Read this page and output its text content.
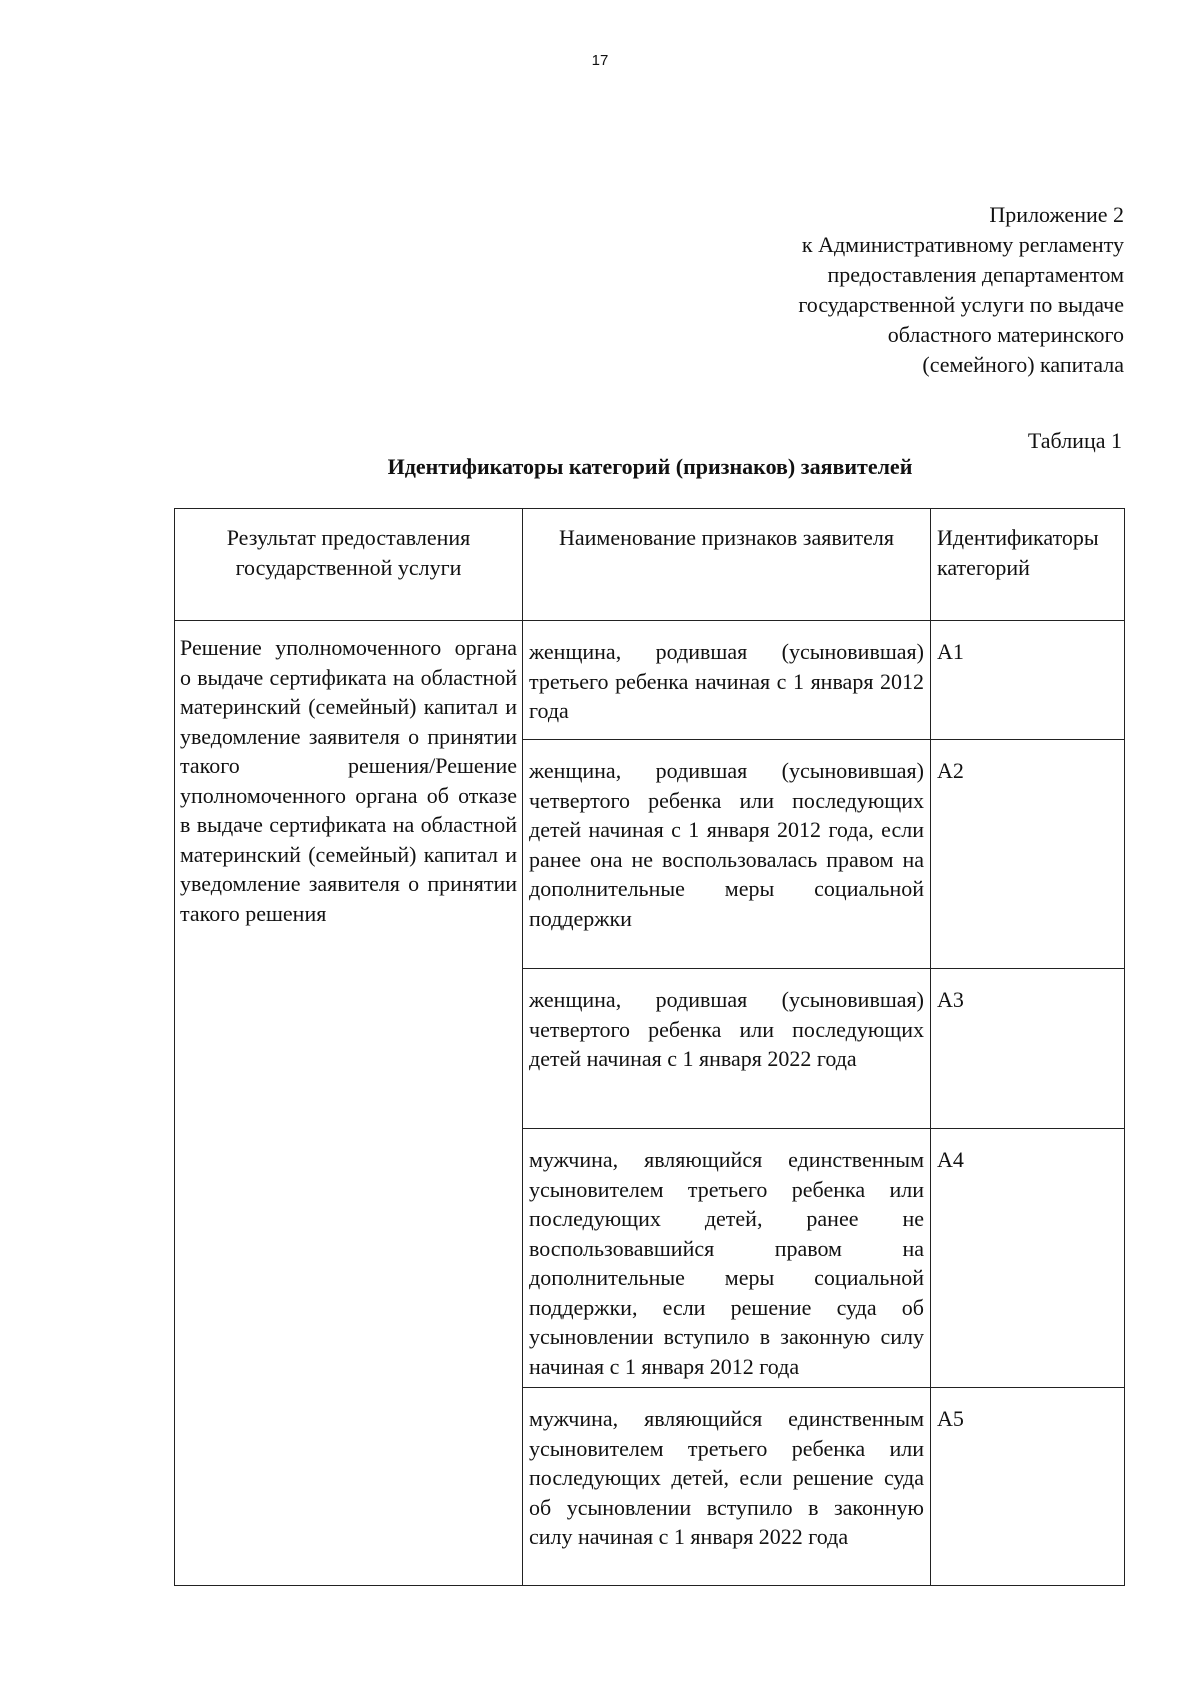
17
Приложение 2
к Административному регламенту
предоставления департаментом
государственной услуги по выдаче
областного материнского
(семейного) капитала
Таблица 1
Идентификаторы категорий (признаков) заявителей
Результат предоставления государственной услуги	Наименование признаков заявителя	Идентификаторы категорий

Решение уполномоченного органа о выдаче сертификата на областной материнский (семейный) капитал и уведомление заявителя о принятии такого решения/Решение уполномоченного органа об отказе в выдаче сертификата на областной материнский (семейный) капитал и уведомление заявителя о принятии такого решения	женщина, родившая (усыновившая) третьего ребенка начиная с 1 января 2012 года	А1

	женщина, родившая (усыновившая) четвертого ребенка или последующих детей начиная с 1 января 2012 года, если ранее она не воспользовалась правом на дополнительные меры социальной поддержки	А2

	женщина, родившая (усыновившая) четвертого ребенка или последующих детей начиная с 1 января 2022 года	А3

	мужчина, являющийся единственным усыновителем третьего ребенка или последующих детей, ранее не воспользовавшийся правом на дополнительные меры социальной поддержки, если решение суда об усыновлении вступило в законную силу начиная с 1 января 2012 года	А4

	мужчина, являющийся единственным усыновителем третьего ребенка или последующих детей, если решение суда об усыновлении вступило в законную силу начиная с 1 января 2022 года	А5
